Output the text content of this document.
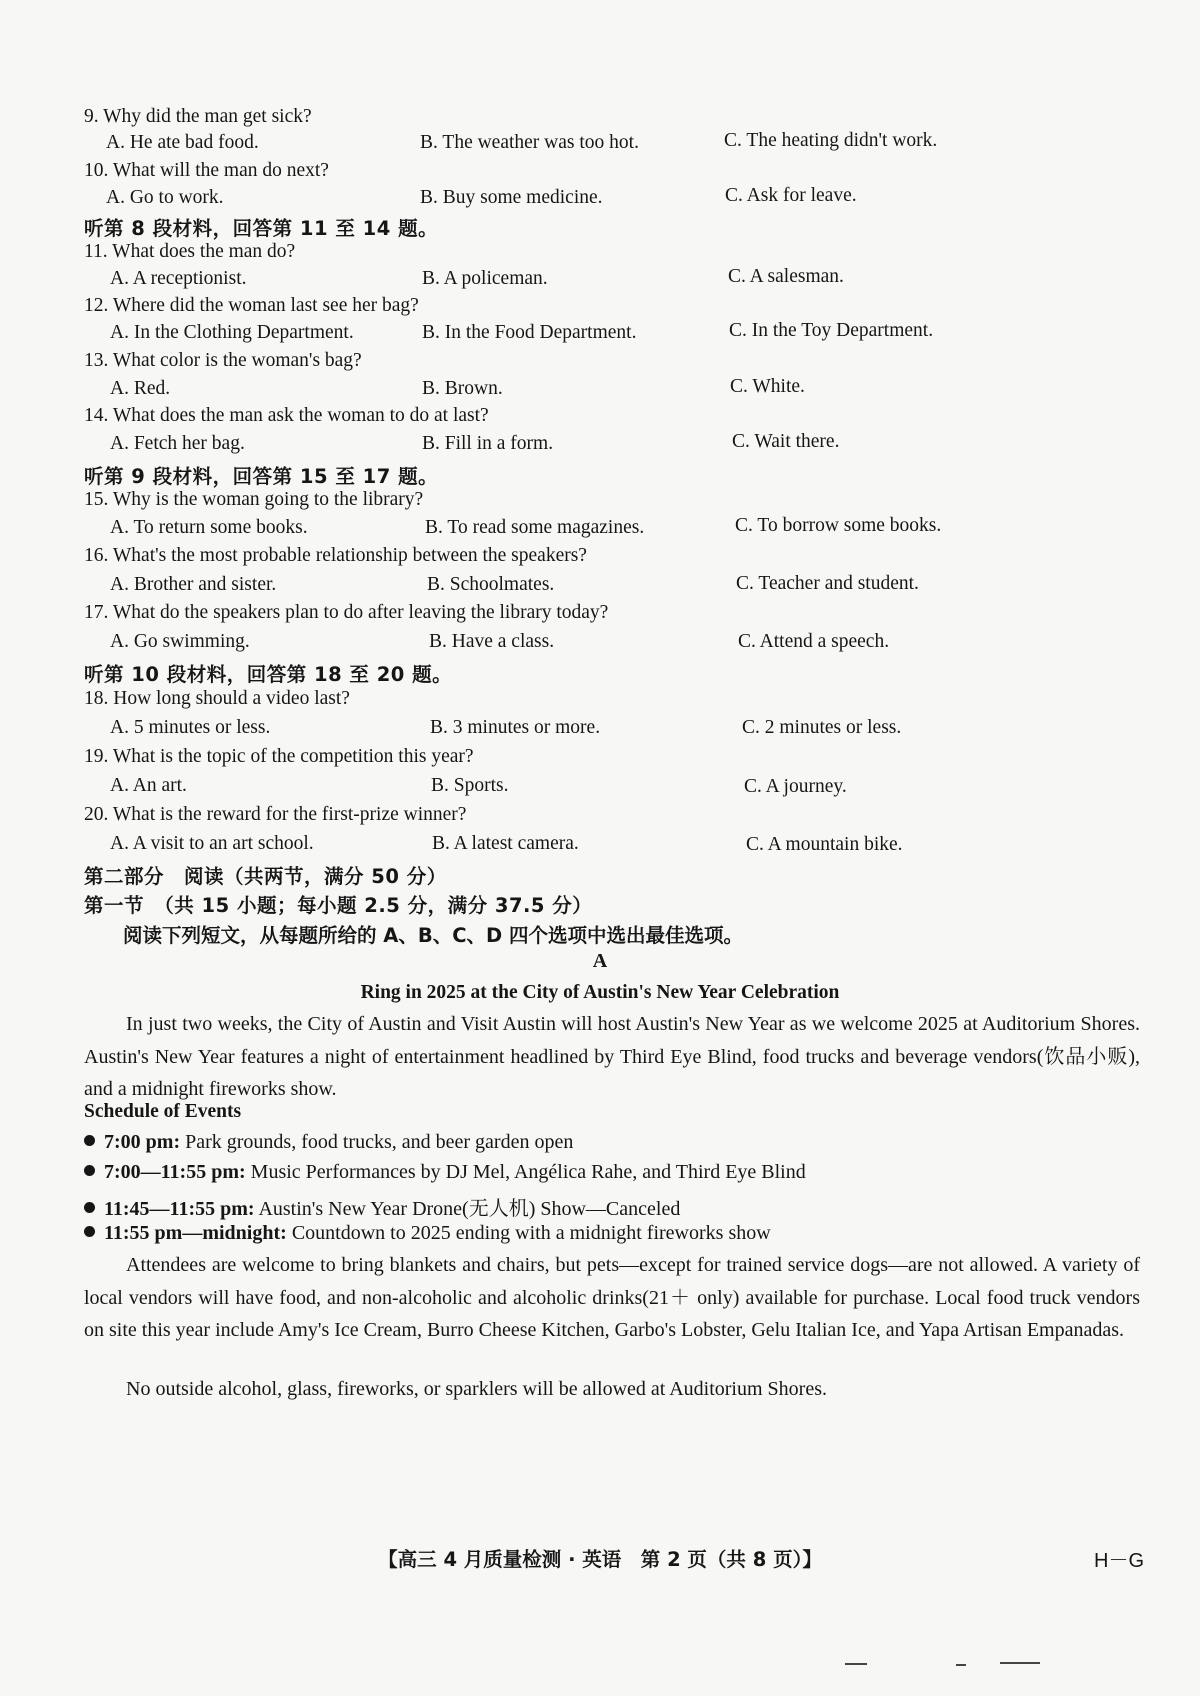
9. Why did the man get sick?
A. He ate bad food.	B. The weather was too hot.	C. The heating didn't work.
10. What will the man do next?
A. Go to work.	B. Buy some medicine.	C. Ask for leave.
听第 8 段材料，回答第 11 至 14 题。
11. What does the man do?
A. A receptionist.	B. A policeman.	C. A salesman.
12. Where did the woman last see her bag?
A. In the Clothing Department.	B. In the Food Department.	C. In the Toy Department.
13. What color is the woman's bag?
A. Red.	B. Brown.	C. White.
14. What does the man ask the woman to do at last?
A. Fetch her bag.	B. Fill in a form.	C. Wait there.
听第 9 段材料，回答第 15 至 17 题。
15. Why is the woman going to the library?
A. To return some books.	B. To read some magazines.	C. To borrow some books.
16. What's the most probable relationship between the speakers?
A. Brother and sister.	B. Schoolmates.	C. Teacher and student.
17. What do the speakers plan to do after leaving the library today?
A. Go swimming.	B. Have a class.	C. Attend a speech.
听第 10 段材料，回答第 18 至 20 题。
18. How long should a video last?
A. 5 minutes or less.	B. 3 minutes or more.	C. 2 minutes or less.
19. What is the topic of the competition this year?
A. An art.	B. Sports.	C. A journey.
20. What is the reward for the first-prize winner?
A. A visit to an art school.	B. A latest camera.	C. A mountain bike.
第二部分　阅读（共两节，满分 50 分）
第一节　（共 15 小题；每小题 2.5 分，满分 37.5 分）
阅读下列短文，从每题所给的 A、B、C、D 四个选项中选出最佳选项。
A
Ring in 2025 at the City of Austin's New Year Celebration
In just two weeks, the City of Austin and Visit Austin will host Austin's New Year as we welcome 2025 at Auditorium Shores. Austin's New Year features a night of entertainment headlined by Third Eye Blind, food trucks and beverage vendors(饮品小贩), and a midnight fireworks show.
Schedule of Events
7:00 pm: Park grounds, food trucks, and beer garden open
7:00—11:55 pm: Music Performances by DJ Mel, Angélica Rahe, and Third Eye Blind
11:45—11:55 pm: Austin's New Year Drone(无人机) Show—Canceled
11:55 pm—midnight: Countdown to 2025 ending with a midnight fireworks show
Attendees are welcome to bring blankets and chairs, but pets—except for trained service dogs—are not allowed. A variety of local vendors will have food, and non-alcoholic and alcoholic drinks(21＋ only) available for purchase. Local food truck vendors on site this year include Amy's Ice Cream, Burro Cheese Kitchen, Garbo's Lobster, Gelu Italian Ice, and Yapa Artisan Empanadas.
No outside alcohol, glass, fireworks, or sparklers will be allowed at Auditorium Shores.
【高三 4 月质量检测 · 英语　第 2 页（共 8 页）】	H－G
